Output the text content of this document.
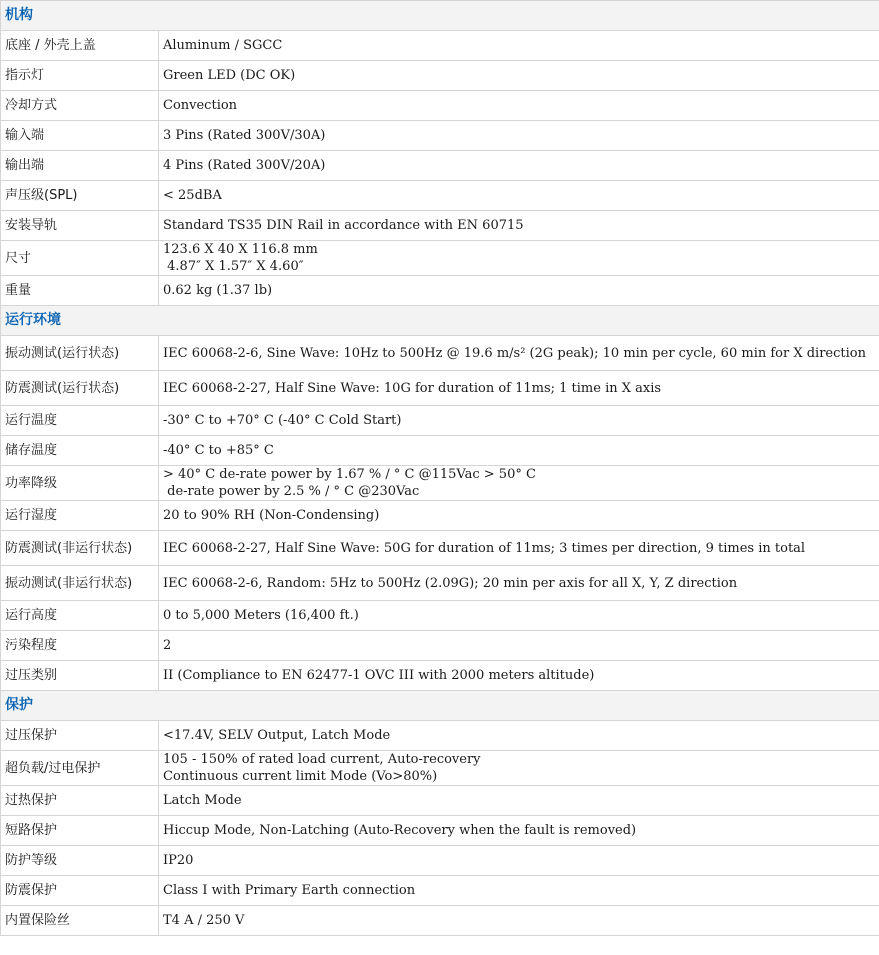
机构	
底座 / 外壳上盖	Aluminum / SGCC
指示灯	Green LED (DC OK)
冷却方式	Convection
输入端	3 Pins (Rated 300V/30A)
输出端	4 Pins (Rated 300V/20A)
声压级(SPL)	< 25dBA
安装导轨	Standard TS35 DIN Rail in accordance with EN 60715
尺寸	123.6 X 40 X 116.8 mm
4.87″ X 1.57″ X 4.60″
重量	0.62 kg (1.37 lb)
运行环境	
振动测试(运行状态)	IEC 60068-2-6, Sine Wave: 10Hz to 500Hz @ 19.6 m/s² (2G peak); 10 min per cycle, 60 min for X direction
防震测试(运行状态)	IEC 60068-2-27, Half Sine Wave: 10G for duration of 11ms; 1 time in X axis
运行温度	-30° C to +70° C (-40° C Cold Start)
储存温度	-40° C to +85° C
功率降级	> 40° C de-rate power by 1.67 % / ° C @115Vac > 50° C
de-rate power by 2.5 % / ° C @230Vac
运行湿度	20 to 90% RH (Non-Condensing)
防震测试(非运行状态)	IEC 60068-2-27, Half Sine Wave: 50G for duration of 11ms; 3 times per direction, 9 times in total
振动测试(非运行状态)	IEC 60068-2-6, Random: 5Hz to 500Hz (2.09G); 20 min per axis for all X, Y, Z direction
运行高度	0 to 5,000 Meters (16,400 ft.)
污染程度	2
过压类别	II (Compliance to EN 62477-1 OVC III with 2000 meters altitude)
保护	
过压保护	<17.4V, SELV Output, Latch Mode
超负载/过电保护	105 - 150% of rated load current, Auto-recovery
Continuous current limit Mode (Vo>80%)
过热保护	Latch Mode
短路保护	Hiccup Mode, Non-Latching (Auto-Recovery when the fault is removed)
防护等级	IP20
防震保护	Class I with Primary Earth connection
内置保险丝	T4 A / 250 V
